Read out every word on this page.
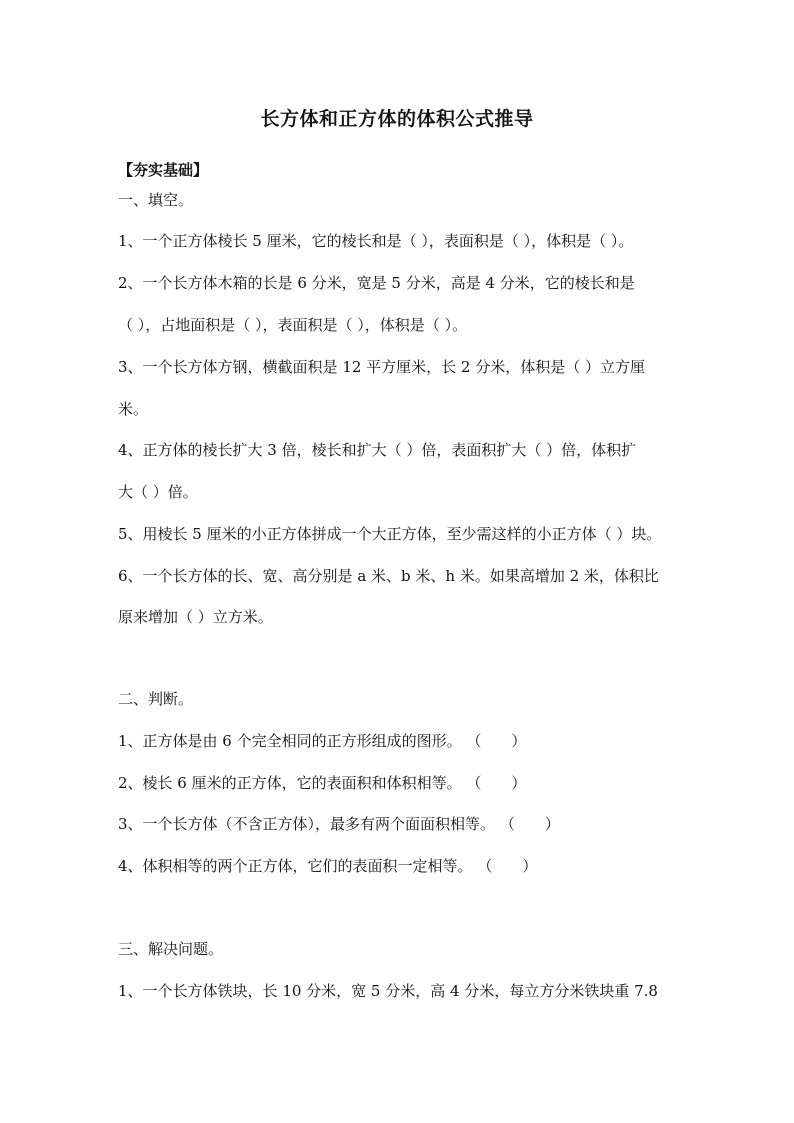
长方体和正方体的体积公式推导
【夯实基础】
一、填空。
1、一个正方体棱长 5 厘米，它的棱长和是（ ），表面积是（ ），体积是（ ）。
2、一个长方体木箱的长是 6 分米，宽是 5 分米，高是 4 分米，它的棱长和是
（ ），占地面积是（ ），表面积是（ ），体积是（ ）。
3、一个长方体方钢，横截面积是 12 平方厘米，长 2 分米，体积是（ ）立方厘
米。
4、正方体的棱长扩大 3 倍，棱长和扩大（ ）倍，表面积扩大（ ）倍，体积扩
大（ ）倍。
5、用棱长 5 厘米的小正方体拼成一个大正方体，至少需这样的小正方体（ ）块。
6、一个长方体的长、宽、高分别是 a 米、b 米、h 米。如果高增加 2 米，体积比
原来增加（ ）立方米。
二、判断。
1、正方体是由 6 个完全相同的正方形组成的图形。 （　　）
2、棱长 6 厘米的正方体，它的表面积和体积相等。 （　　）
3、一个长方体（不含正方体），最多有两个面面积相等。 （　　）
4、体积相等的两个正方体，它们的表面积一定相等。 （　　）
三、解决问题。
1、一个长方体铁块，长 10 分米，宽 5 分米，高 4 分米，每立方分米铁块重 7.8
